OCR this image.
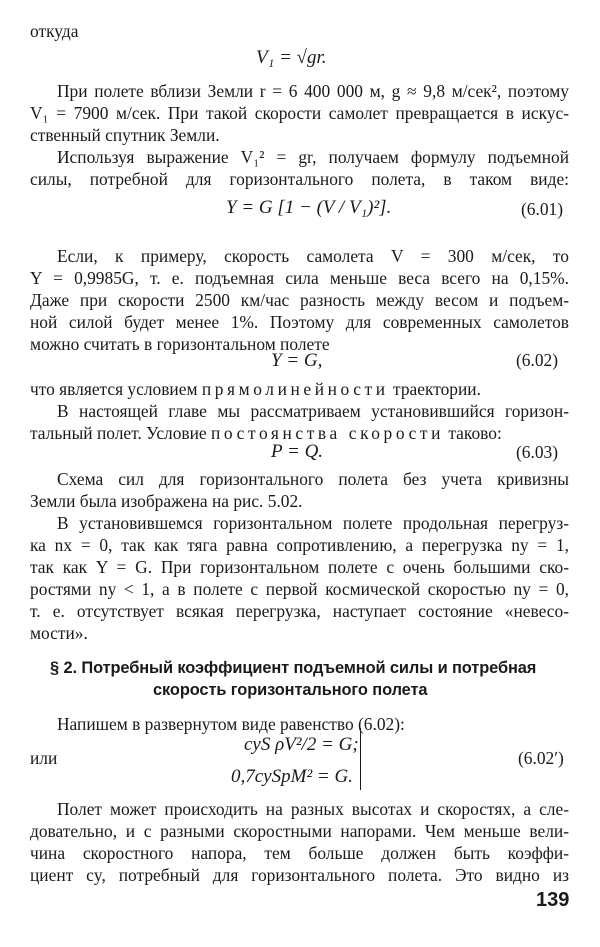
откуда
V₁ = √gr.
При полете вблизи Земли r = 6 400 000 м, g ≈ 9,8 м/сек², поэтому
V₁ = 7900 м/сек. При такой скорости самолет превращается в искус-
ственный спутник Земли.
Используя выражение V₁² = gr, получаем формулу подъемной
силы, потребной для горизонтального полета, в таком виде:
Y = G [1 − (V / V₁)²].	(6.01)
Если, к примеру, скорость самолета V = 300 м/сек, то
Y = 0,9985G, т. е. подъемная сила меньше веса всего на 0,15%.
Даже при скорости 2500 км/час разность между весом и подъем-
ной силой будет менее 1%. Поэтому для современных самолетов
можно считать в горизонтальном полете
Y = G,	(6.02)
что является условием прямолинейности траектории.
В настоящей главе мы рассматриваем установившийся горизон-
тальный полет. Условие постоянства скорости таково:
P = Q.	(6.03)
Схема сил для горизонтального полета без учета кривизны
Земли была изображена на рис. 5.02.
В установившемся горизонтальном полете продольная перегруз-
ка nx = 0, так как тяга равна сопротивлению, а перегрузка ny = 1,
так как Y = G. При горизонтальном полете с очень большими ско-
ростями ny < 1, а в полете с первой космической скоростью ny = 0,
т. е. отсутствует всякая перегрузка, наступает состояние «невесо-
мости».
§ 2. Потребный коэффициент подъемной силы и потребная
скорость горизонтального полета
Напишем в развернутом виде равенство (6.02):
cyS ρV²/2 = G;
или
0,7cySpM² = G.
(6.02′)
Полет может происходить на разных высотах и скоростях, а сле-
довательно, и с разными скоростными напорами. Чем меньше вели-
чина скоростного напора, тем больше должен быть коэффи-
циент cy, потребный для горизонтального полета. Это видно из
139
